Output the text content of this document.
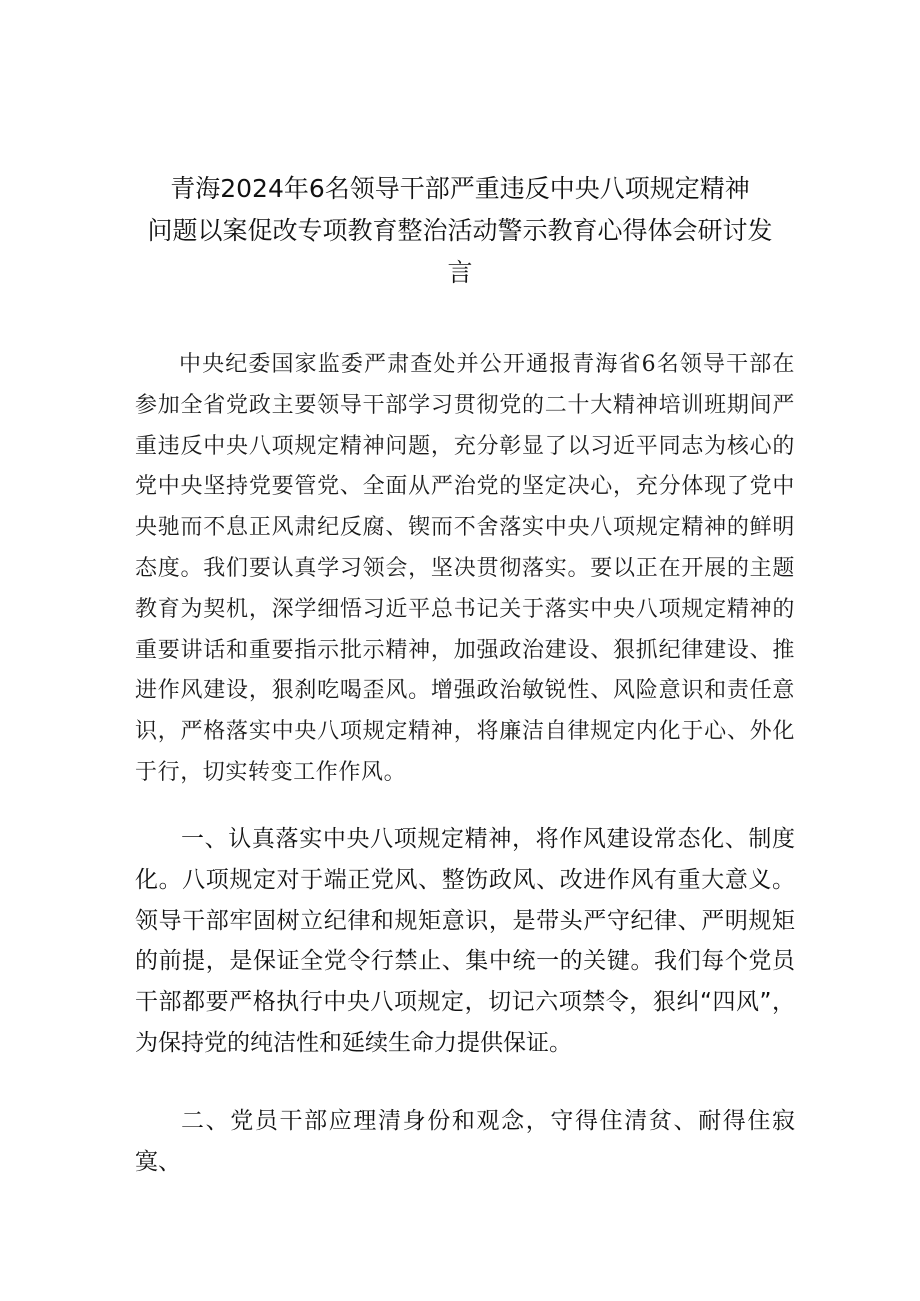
青海2024年6名领导干部严重违反中央八项规定精神
问题以案促改专项教育整治活动警示教育心得体会研讨发
言

中央纪委国家监委严肃查处并公开通报青海省6名领导干部在参加全省党政主要领导干部学习贯彻党的二十大精神培训班期间严重违反中央八项规定精神问题，充分彰显了以习近平同志为核心的党中央坚持党要管党、全面从严治党的坚定决心，充分体现了党中央驰而不息正风肃纪反腐、锲而不舍落实中央八项规定精神的鲜明态度。我们要认真学习领会，坚决贯彻落实。要以正在开展的主题教育为契机，深学细悟习近平总书记关于落实中央八项规定精神的重要讲话和重要指示批示精神，加强政治建设、狠抓纪律建设、推进作风建设，狠刹吃喝歪风。增强政治敏锐性、风险意识和责任意识，严格落实中央八项规定精神，将廉洁自律规定内化于心、外化于行，切实转变工作作风。

一、认真落实中央八项规定精神，将作风建设常态化、制度化。八项规定对于端正党风、整饬政风、改进作风有重大意义。领导干部牢固树立纪律和规矩意识，是带头严守纪律、严明规矩的前提，是保证全党令行禁止、集中统一的关键。我们每个党员干部都要严格执行中央八项规定，切记六项禁令，狠纠“四风”，为保持党的纯洁性和延续生命力提供保证。

二、党员干部应理清身份和观念，守得住清贫、耐得住寂寞、
